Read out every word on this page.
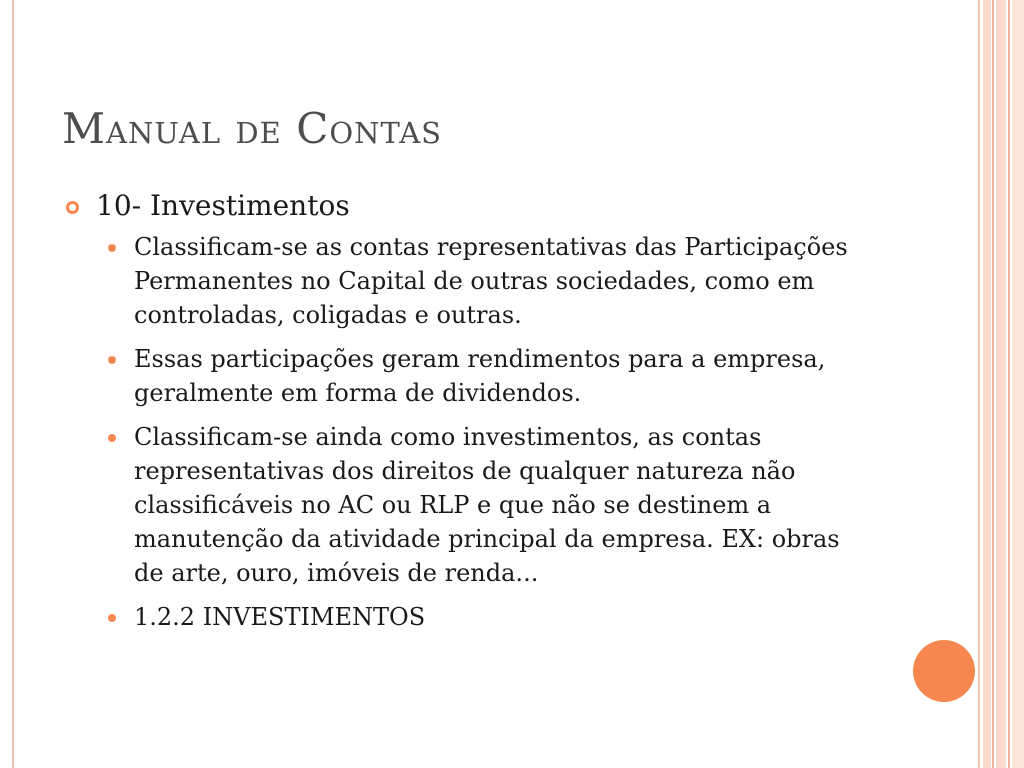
Manual de Contas
10- Investimentos
Classificam-se as contas representativas das Participações Permanentes no Capital de outras sociedades, como em controladas, coligadas e outras.
Essas participações geram rendimentos para a empresa, geralmente em forma de dividendos.
Classificam-se ainda como investimentos, as contas representativas dos direitos de qualquer natureza não classificáveis no AC ou RLP e que não se destinem a manutenção da atividade principal da empresa. EX: obras de arte, ouro, imóveis de renda...
1.2.2 INVESTIMENTOS
